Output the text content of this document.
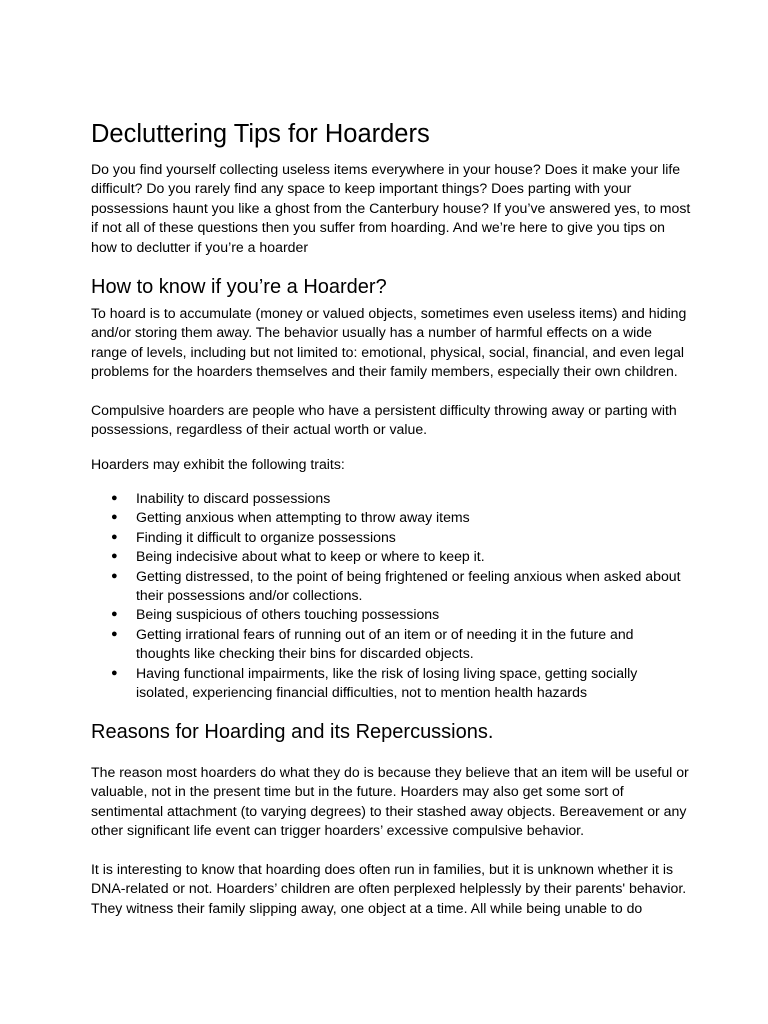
Decluttering Tips for Hoarders

Do you find yourself collecting useless items everywhere in your house? Does it make your life
difficult? Do you rarely find any space to keep important things? Does parting with your
possessions haunt you like a ghost from the Canterbury house? If you’ve answered yes, to most
if not all of these questions then you suffer from hoarding. And we’re here to give you tips on
how to declutter if you’re a hoarder

How to know if you’re a Hoarder?

To hoard is to accumulate (money or valued objects, sometimes even useless items) and hiding
and/or storing them away. The behavior usually has a number of harmful effects on a wide
range of levels, including but not limited to: emotional, physical, social, financial, and even legal
problems for the hoarders themselves and their family members, especially their own children.

Compulsive hoarders are people who have a persistent difficulty throwing away or parting with
possessions, regardless of their actual worth or value.

Hoarders may exhibit the following traits:

● Inability to discard possessions
● Getting anxious when attempting to throw away items
● Finding it difficult to organize possessions
● Being indecisive about what to keep or where to keep it.
● Getting distressed, to the point of being frightened or feeling anxious when asked about
their possessions and/or collections.
● Being suspicious of others touching possessions
● Getting irrational fears of running out of an item or of needing it in the future and
thoughts like checking their bins for discarded objects.
● Having functional impairments, like the risk of losing living space, getting socially
isolated, experiencing financial difficulties, not to mention health hazards
Reasons for Hoarding and its Repercussions.

The reason most hoarders do what they do is because they believe that an item will be useful or
valuable, not in the present time but in the future. Hoarders may also get some sort of
sentimental attachment (to varying degrees) to their stashed away objects. Bereavement or any
other significant life event can trigger hoarders’ excessive compulsive behavior.

It is interesting to know that hoarding does often run in families, but it is unknown whether it is
DNA-related or not. Hoarders’ children are often perplexed helplessly by their parents' behavior.
They witness their family slipping away, one object at a time. All while being unable to do
